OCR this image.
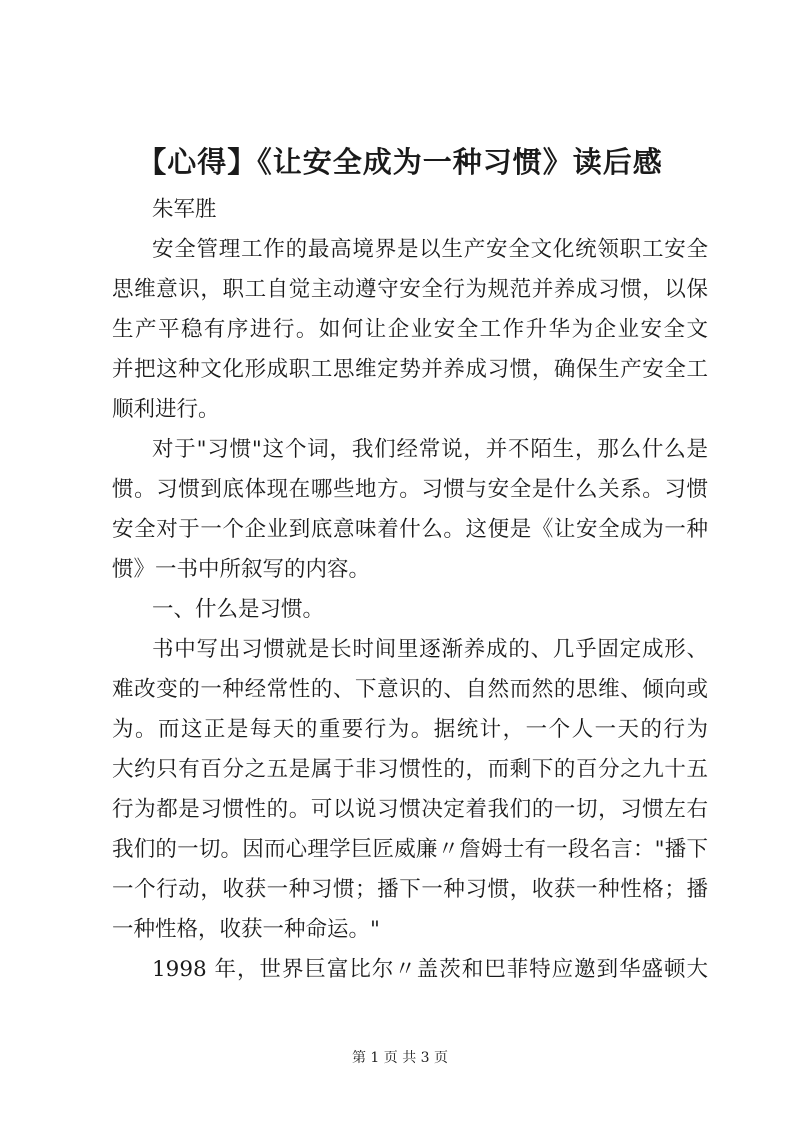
【心得】《让安全成为一种习惯》读后感
朱军胜
安全管理工作的最高境界是以生产安全文化统领职工安全
思维意识，职工自觉主动遵守安全行为规范并养成习惯，以保
生产平稳有序进行。如何让企业安全工作升华为企业安全文
并把这种文化形成职工思维定势并养成习惯，确保生产安全工
顺利进行。
对于"习惯"这个词，我们经常说，并不陌生，那么什么是
惯。习惯到底体现在哪些地方。习惯与安全是什么关系。习惯
安全对于一个企业到底意味着什么。这便是《让安全成为一种
惯》一书中所叙写的内容。
一、什么是习惯。
书中写出习惯就是长时间里逐渐养成的、几乎固定成形、
难改变的一种经常性的、下意识的、自然而然的思维、倾向或
为。而这正是每天的重要行为。据统计，一个人一天的行为
大约只有百分之五是属于非习惯性的，而剩下的百分之九十五
行为都是习惯性的。可以说习惯决定着我们的一切，习惯左右
我们的一切。因而心理学巨匠威廉〃詹姆士有一段名言："播下
一个行动，收获一种习惯；播下一种习惯，收获一种性格；播
一种性格，收获一种命运。"
1998 年，世界巨富比尔〃盖茨和巴菲特应邀到华盛顿大
第 1 页 共 3 页
